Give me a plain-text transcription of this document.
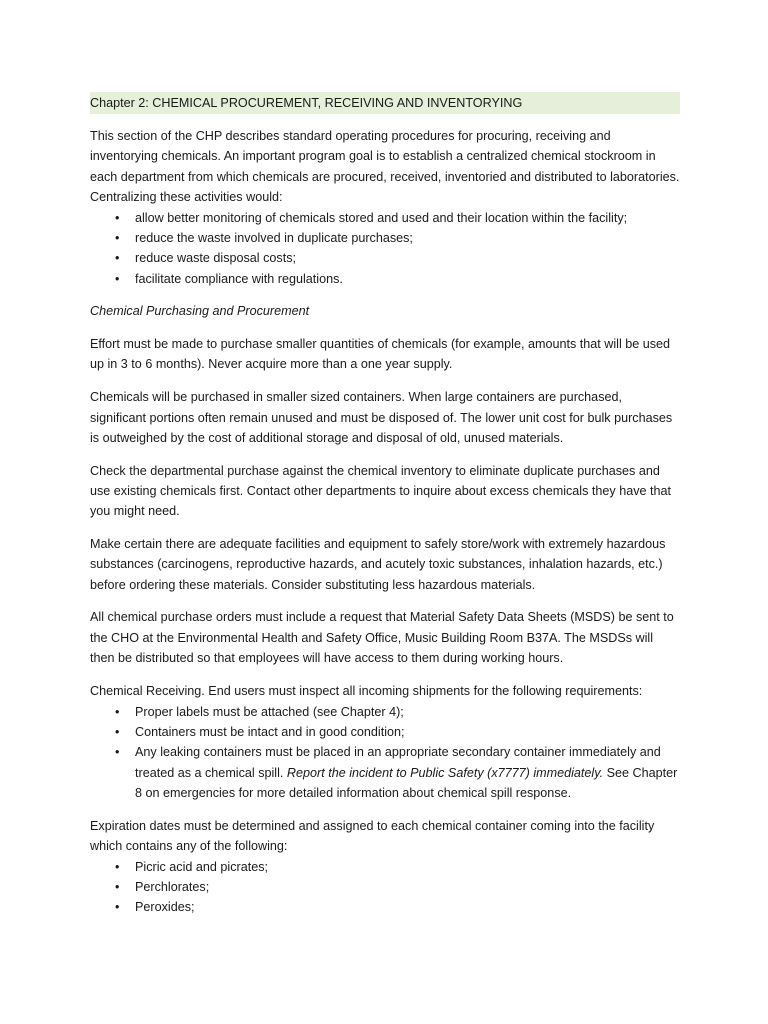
Chapter 2: CHEMICAL PROCUREMENT, RECEIVING AND INVENTORYING

This section of the CHP describes standard operating procedures for procuring, receiving and inventorying chemicals. An important program goal is to establish a centralized chemical stockroom in each department from which chemicals are procured, received, inventoried and distributed to laboratories. Centralizing these activities would:

• allow better monitoring of chemicals stored and used and their location within the facility;
• reduce the waste involved in duplicate purchases;
• reduce waste disposal costs;
• facilitate compliance with regulations.

Chemical Purchasing and Procurement

Effort must be made to purchase smaller quantities of chemicals (for example, amounts that will be used up in 3 to 6 months). Never acquire more than a one year supply.

Chemicals will be purchased in smaller sized containers. When large containers are purchased, significant portions often remain unused and must be disposed of. The lower unit cost for bulk purchases is outweighed by the cost of additional storage and disposal of old, unused materials.

Check the departmental purchase against the chemical inventory to eliminate duplicate purchases and use existing chemicals first. Contact other departments to inquire about excess chemicals they have that you might need.

Make certain there are adequate facilities and equipment to safely store/work with extremely hazardous substances (carcinogens, reproductive hazards, and acutely toxic substances, inhalation hazards, etc.) before ordering these materials. Consider substituting less hazardous materials.

All chemical purchase orders must include a request that Material Safety Data Sheets (MSDS) be sent to the CHO at the Environmental Health and Safety Office, Music Building Room B37A. The MSDSs will then be distributed so that employees will have access to them during working hours.

Chemical Receiving. End users must inspect all incoming shipments for the following requirements:

• Proper labels must be attached (see Chapter 4);
• Containers must be intact and in good condition;
• Any leaking containers must be placed in an appropriate secondary container immediately and treated as a chemical spill. Report the incident to Public Safety (x7777) immediately. See Chapter 8 on emergencies for more detailed information about chemical spill response.

Expiration dates must be determined and assigned to each chemical container coming into the facility which contains any of the following:

• Picric acid and picrates;
• Perchlorates;
• Peroxides;
